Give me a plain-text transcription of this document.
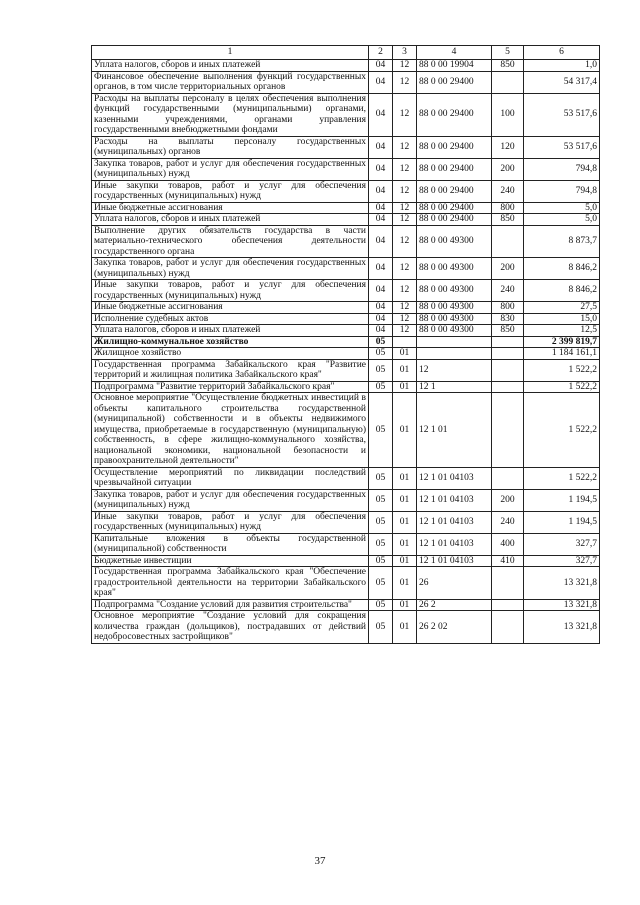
1	2	3	4	5	6
Уплата налогов, сборов и иных платежей	04	12	88 0 00 19904	850	1,0
Финансовое обеспечение выполнения функций государственных органов, в том числе территориальных органов	04	12	88 0 00 29400		54 317,4
Расходы на выплаты персоналу в целях обеспечения выполнения функций государственными (муниципальными) органами, казенными учреждениями, органами управления государственными внебюджетными фондами	04	12	88 0 00 29400	100	53 517,6
Расходы на выплаты персоналу государственных (муниципальных) органов	04	12	88 0 00 29400	120	53 517,6
Закупка товаров, работ и услуг для обеспечения государственных (муниципальных) нужд	04	12	88 0 00 29400	200	794,8
Иные закупки товаров, работ и услуг для обеспечения государственных (муниципальных) нужд	04	12	88 0 00 29400	240	794,8
Иные бюджетные ассигнования	04	12	88 0 00 29400	800	5,0
Уплата налогов, сборов и иных платежей	04	12	88 0 00 29400	850	5,0
Выполнение других обязательств государства в части материально-технического обеспечения деятельности государственного органа	04	12	88 0 00 49300		8 873,7
Закупка товаров, работ и услуг для обеспечения государственных (муниципальных) нужд	04	12	88 0 00 49300	200	8 846,2
Иные закупки товаров, работ и услуг для обеспечения государственных (муниципальных) нужд	04	12	88 0 00 49300	240	8 846,2
Иные бюджетные ассигнования	04	12	88 0 00 49300	800	27,5
Исполнение судебных актов	04	12	88 0 00 49300	830	15,0
Уплата налогов, сборов и иных платежей	04	12	88 0 00 49300	850	12,5
Жилищно-коммунальное хозяйство	05				2 399 819,7
Жилищное хозяйство	05	01			1 184 161,1
Государственная программа Забайкальского края "Развитие территорий и жилищная политика Забайкальского края"	05	01	12		1 522,2
Подпрограмма "Развитие территорий Забайкальского края"	05	01	12 1		1 522,2
Основное мероприятие "Осуществление бюджетных инвестиций в объекты капитального строительства государственной (муниципальной) собственности и в объекты недвижимого имущества, приобретаемые в государственную (муниципальную) собственность, в сфере жилищно-коммунального хозяйства, национальной экономики, национальной безопасности и правоохранительной деятельности"	05	01	12 1 01		1 522,2
Осуществление мероприятий по ликвидации последствий чрезвычайной ситуации	05	01	12 1 01 04103		1 522,2
Закупка товаров, работ и услуг для обеспечения государственных (муниципальных) нужд	05	01	12 1 01 04103	200	1 194,5
Иные закупки товаров, работ и услуг для обеспечения государственных (муниципальных) нужд	05	01	12 1 01 04103	240	1 194,5
Капитальные вложения в объекты государственной (муниципальной) собственности	05	01	12 1 01 04103	400	327,7
Бюджетные инвестиции	05	01	12 1 01 04103	410	327,7
Государственная программа Забайкальского края "Обеспечение градостроительной деятельности на территории Забайкальского края"	05	01	26		13 321,8
Подпрограмма "Создание условий для развития строительства"	05	01	26 2		13 321,8
Основное мероприятие "Создание условий для сокращения количества граждан (дольщиков), пострадавших от действий недобросовестных застройщиков"	05	01	26 2 02		13 321,8
37
